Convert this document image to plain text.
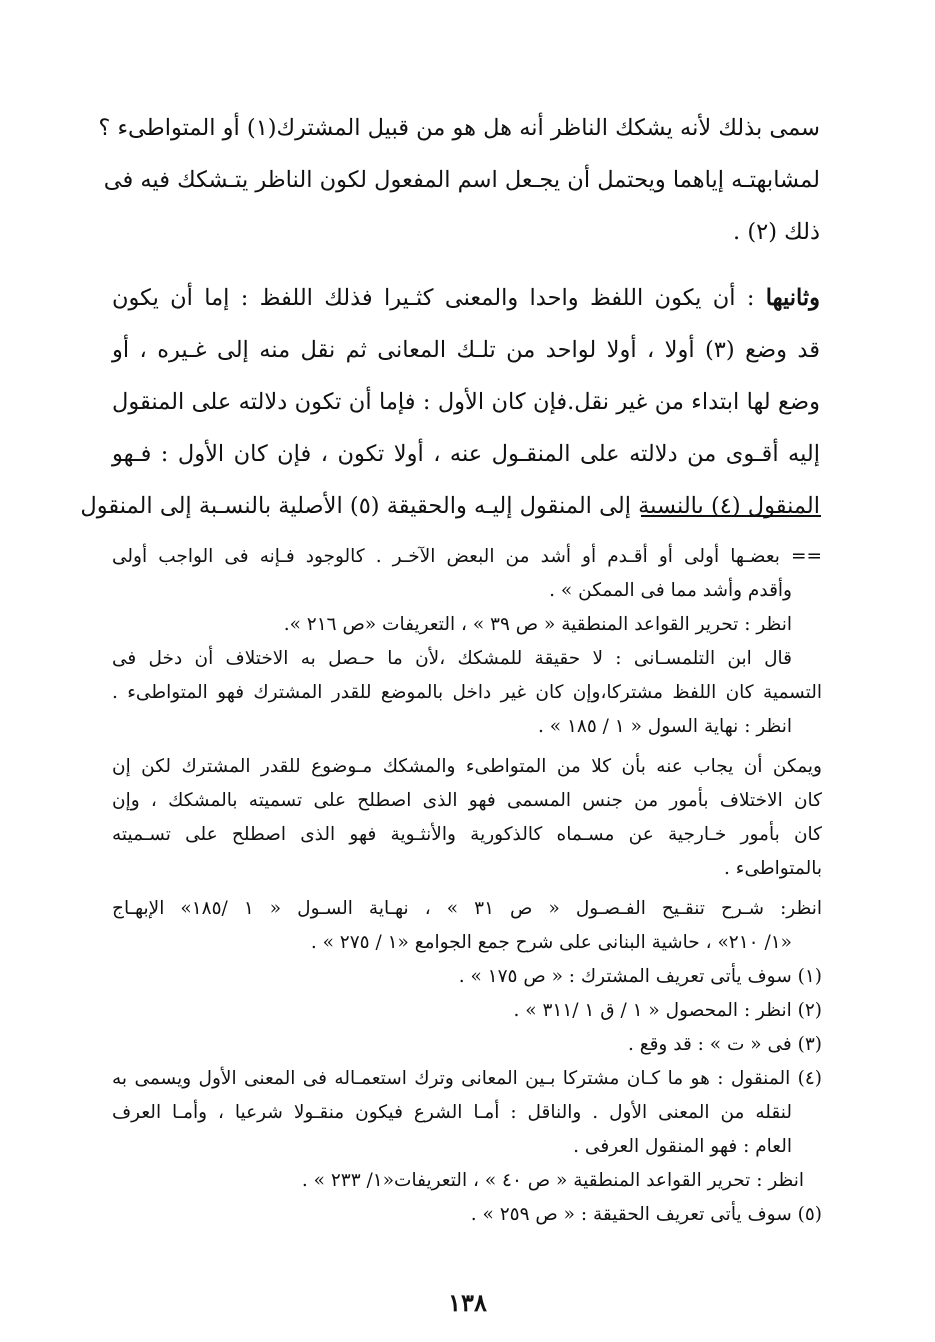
سمى بذلك لأنه يشكك الناظر أنه هل هو من قبيل المشترك(١) أو المتواطىء ؟
لمشابهتـه إياهما ويحتمل أن يجـعل اسم المفعول لكون الناظر يتـشكك فيه فى
ذلك (٢) .
وثانيها : أن يكون اللفظ واحدا والمعنى كثـيرا فذلك اللفظ : إما أن يكون
قد وضع (٣) أولا ، أولا لواحد من تلـك المعانى ثم نقل منه إلى غـيره ، أو
وضع لها ابتداء من غير نقل.فإن كان الأول : فإما أن تكون دلالته على المنقول
إليه أقـوى من دلالته على المنقـول عنه ، أولا تكون ، فإن كان الأول : فـهو
المنقول (٤) بالنسبة إلى المنقول إليـه والحقيقة (٥) الأصلية بالنسـبة إلى المنقول
== بعضـها أولى أو أقـدم أو أشد من البعض الآخـر . كالوجود فـإنه فى الواجب أولى
وأقدم وأشد مما فى الممكن » .
انظر : تحرير القواعد المنطقية « ص ٣٩ » ، التعريفات «ص ٢١٦ ».
قال ابن التلمسـانى : لا حقيقة للمشكك ،لأن ما حـصل به الاختلاف أن دخل فى
التسمية كان اللفظ مشتركا،وإن كان غير داخل بالموضع للقدر المشترك فهو المتواطىء .
انظر : نهاية السول « ١ / ١٨٥ » .
ويمكن أن يجاب عنه بأن كلا من المتواطىء والمشكك مـوضوع للقدر المشترك لكن إن
كان الاختلاف بأمور من جنس المسمى فهو الذى اصطلح على تسميته بالمشكك ، وإن
كان بأمور خـارجية عن مسـماه كالذكورية والأنثـوية فهو الذى اصطلح على تسـميته
بالمتواطىء .
انظر: شـرح تنقـيح الفـصـول « ص ٣١ » ، نهـاية السـول « ١ /١٨٥» الإبهـاج
«١/ ٢١٠» ، حاشية البنانى على شرح جمع الجوامع «١ / ٢٧٥ » .
(١) سوف يأتى تعريف المشترك : « ص ١٧٥ » .
(٢) انظر : المحصول « ١ / ق ١ /٣١١ » .
(٣) فى « ت » : قد وقع .
(٤) المنقول : هو ما كـان مشتركا بـين المعانى وترك استعمـاله فى المعنى الأول ويسمى به
لنقله من المعنى الأول . والناقل : أمـا الشرع فيكون منقـولا شرعيا ، وأمـا العرف
العام : فهو المنقول العرفى .
انظر : تحرير القواعد المنطقية « ص ٤٠ » ، التعريفات«١/ ٢٣٣ » .
(٥) سوف يأتى تعريف الحقيقة : « ص ٢٥٩ » .
١٣٨
